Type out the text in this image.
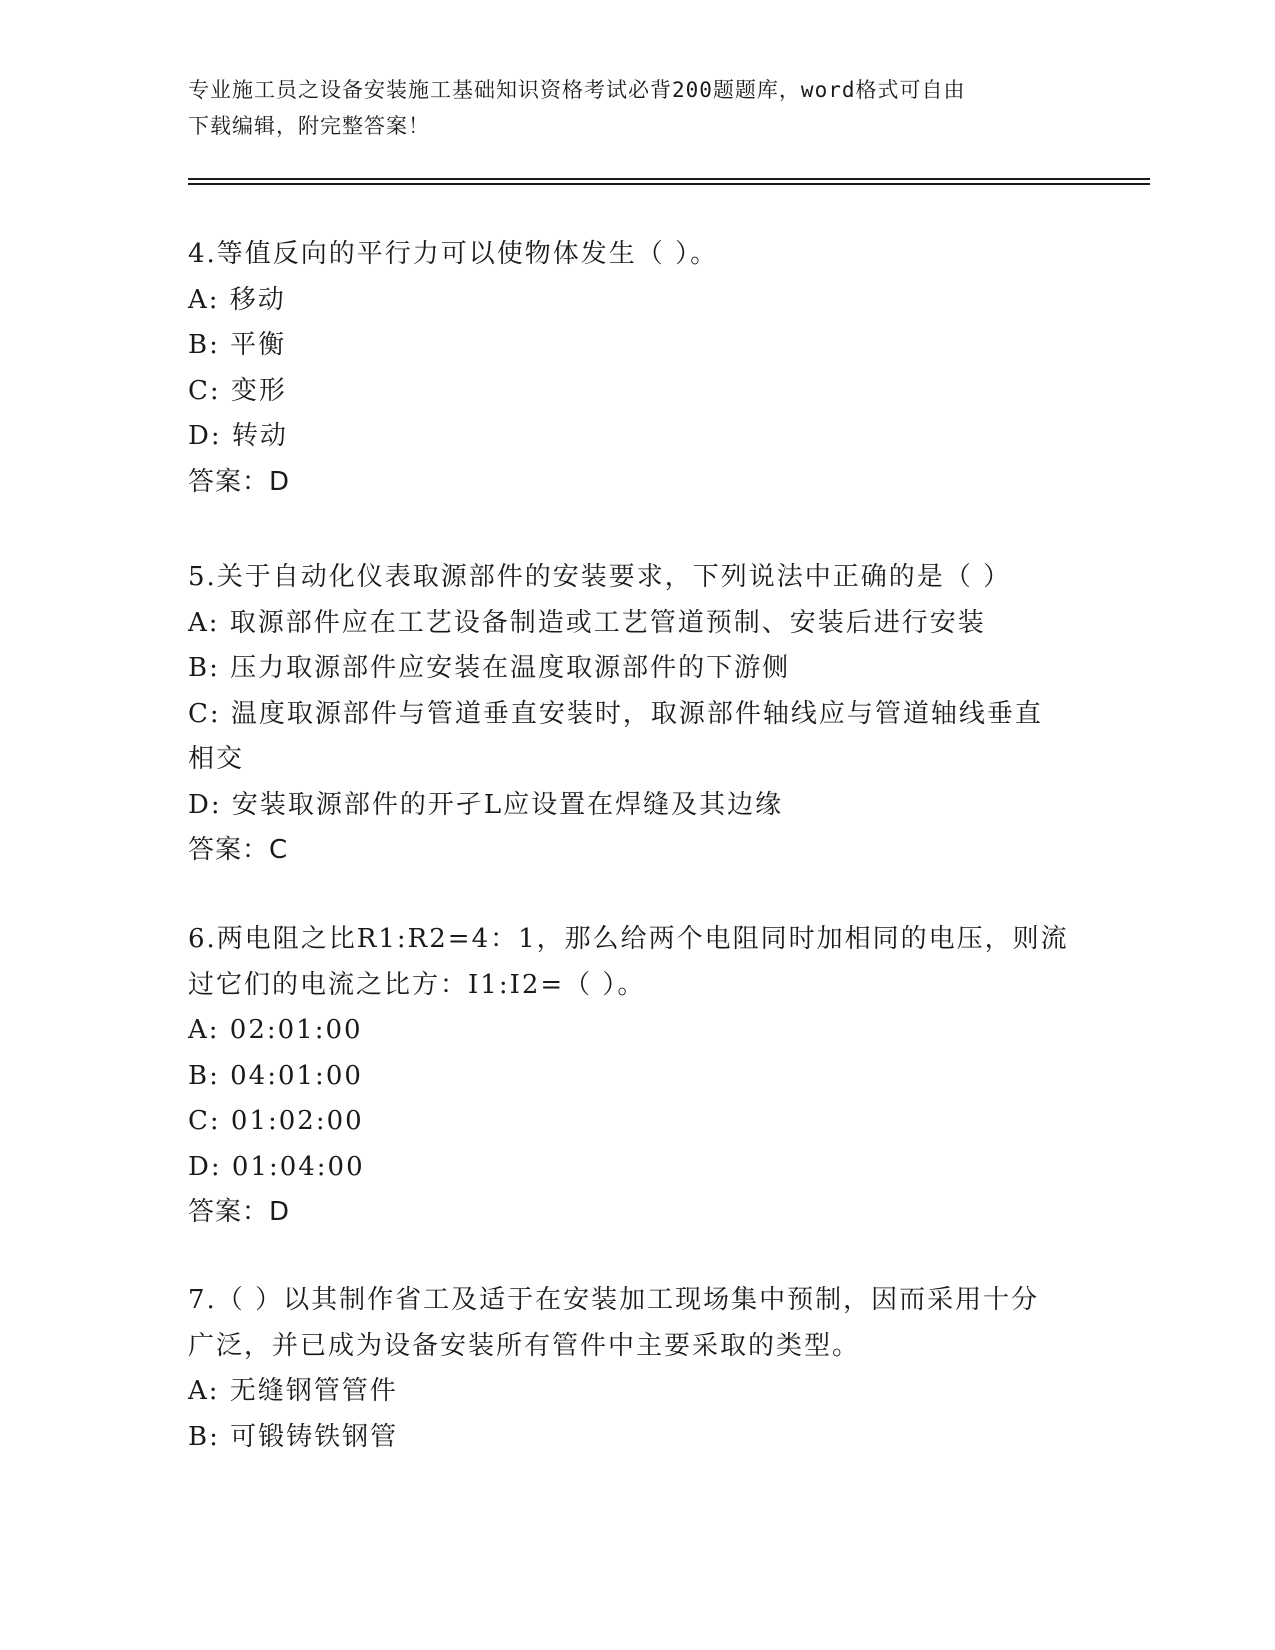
专业施工员之设备安装施工基础知识资格考试必背200题题库，word格式可自由
下载编辑，附完整答案！
4.等值反向的平行力可以使物体发生（ ）。
A: 移动
B: 平衡
C: 变形
D: 转动
答案：D
5.关于自动化仪表取源部件的安装要求，下列说法中正确的是（ ）
A: 取源部件应在工艺设备制造或工艺管道预制、安装后进行安装
B: 压力取源部件应安装在温度取源部件的下游侧
C: 温度取源部件与管道垂直安装时，取源部件轴线应与管道轴线垂直
相交
D: 安装取源部件的开孑L应设置在焊缝及其边缘
答案：C
6.两电阻之比R1:R2=4：1，那么给两个电阻同时加相同的电压，则流
过它们的电流之比方：I1:I2=（ ）。
A: 02:01:00
B: 04:01:00
C: 01:02:00
D: 01:04:00
答案：D
7.（ ）以其制作省工及适于在安装加工现场集中预制，因而采用十分
广泛，并已成为设备安装所有管件中主要采取的类型。
A: 无缝钢管管件
B: 可锻铸铁钢管
